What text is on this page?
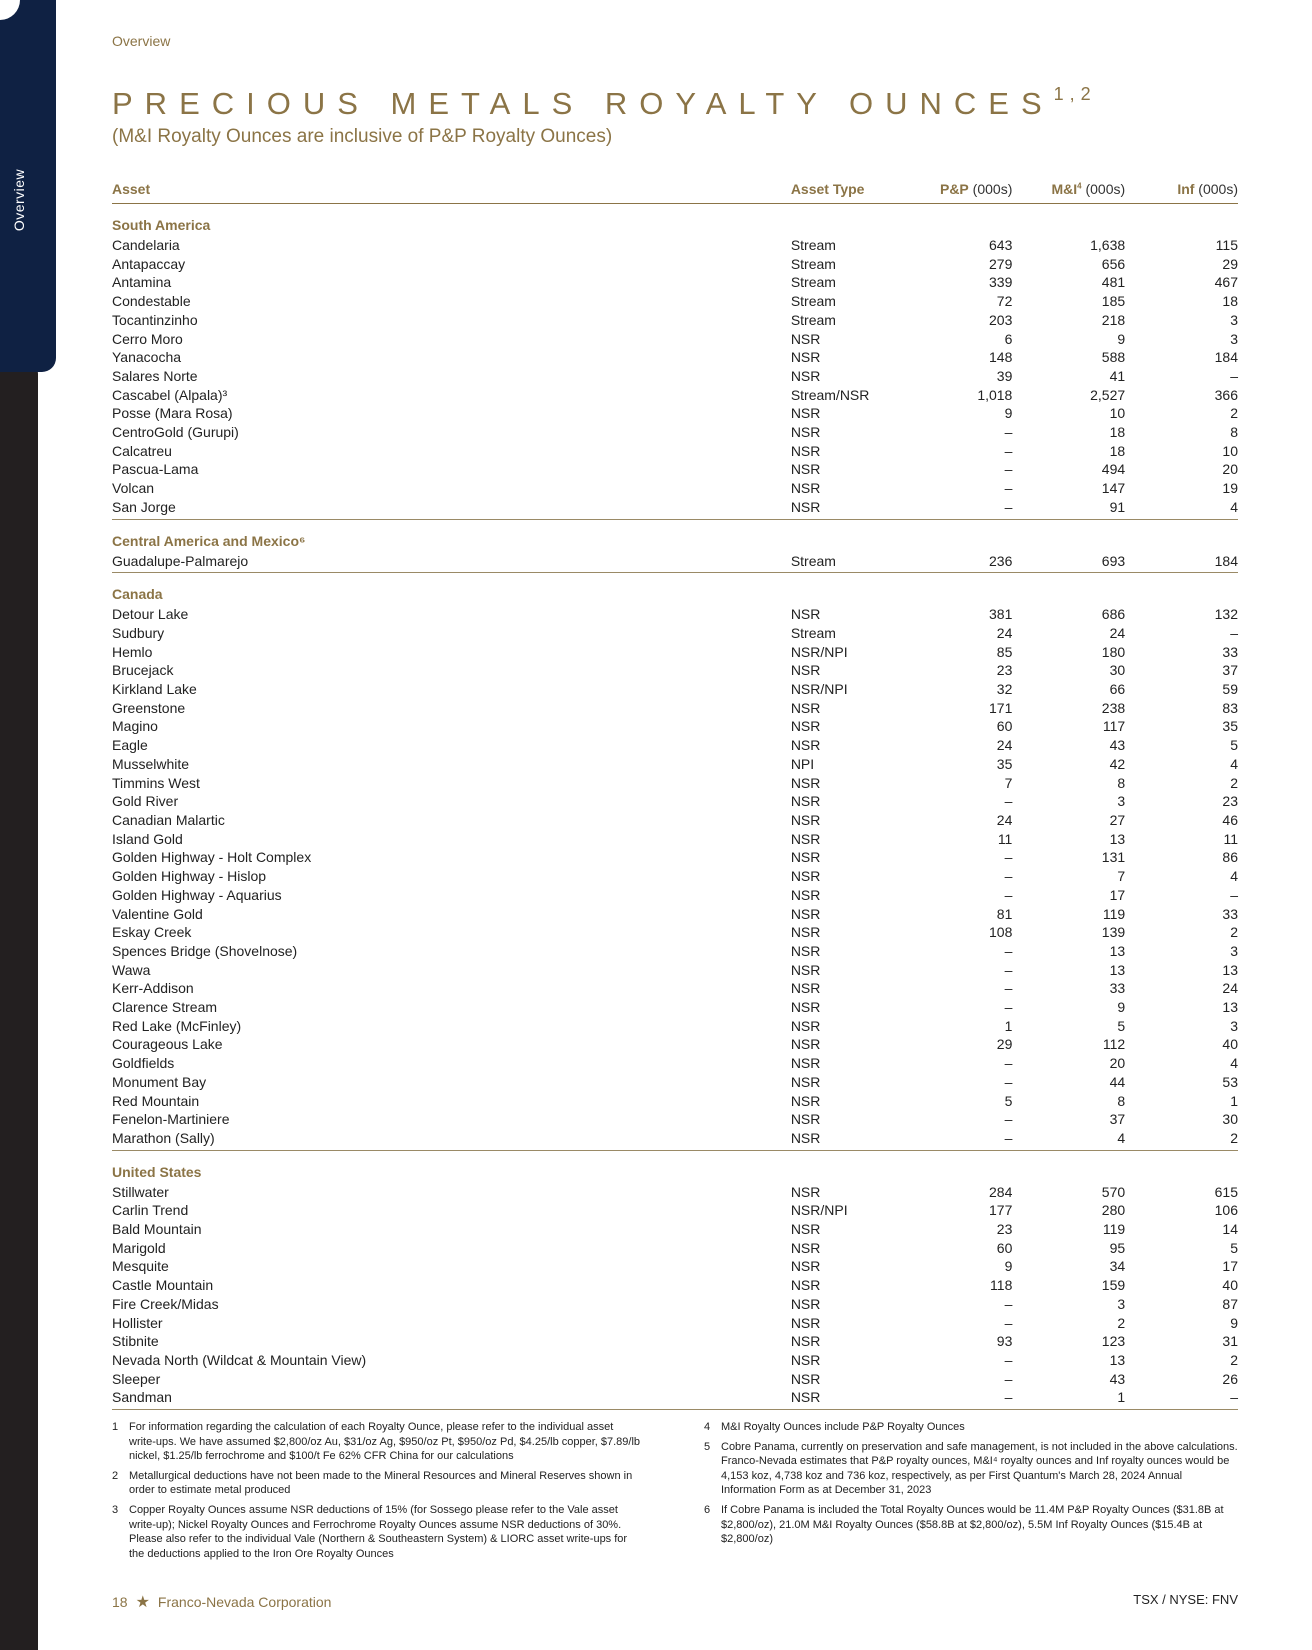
Overview
Overview
PRECIOUS METALS ROYALTY OUNCES$^{1,2}$
(M&I Royalty Ounces are inclusive of P&P Royalty Ounces)
Asset	Asset Type	P&P (000s)	$M\&I^4$ (000s)	Inf (000s)
South America				
Candelaria	Stream	643	1,638	115
Antapaccay	Stream	279	656	29
Antamina	Stream	339	481	467
Condestable	Stream	72	185	18
Tocantinzinho	Stream	203	218	3
Cerro Moro	NSR	6	9	3
Yanacocha	NSR	148	588	184
Salares Norte	NSR	39	41	–
Cascabel (Alpala)³	Stream/NSR	1,018	2,527	366
Posse (Mara Rosa)	NSR	9	10	2
CentroGold (Gurupi)	NSR	–	18	8
Calcatreu	NSR	–	18	10
Pascua-Lama	NSR	–	494	20
Volcan	NSR	–	147	19
San Jorge	NSR	–	91	4
Central America and Mexico⁶				
Guadalupe-Palmarejo	Stream	236	693	184
Canada				
Detour Lake	NSR	381	686	132
Sudbury	Stream	24	24	–
Hemlo	NSR/NPI	85	180	33
Brucejack	NSR	23	30	37
Kirkland Lake	NSR/NPI	32	66	59
Greenstone	NSR	171	238	83
Magino	NSR	60	117	35
Eagle	NSR	24	43	5
Musselwhite	NPI	35	42	4
Timmins West	NSR	7	8	2
Gold River	NSR	–	3	23
Canadian Malartic	NSR	24	27	46
Island Gold	NSR	11	13	11
Golden Highway - Holt Complex	NSR	–	131	86
Golden Highway - Hislop	NSR	–	7	4
Golden Highway - Aquarius	NSR	–	17	–
Valentine Gold	NSR	81	119	33
Eskay Creek	NSR	108	139	2
Spences Bridge (Shovelnose)	NSR	–	13	3
Wawa	NSR	–	13	13
Kerr-Addison	NSR	–	33	24
Clarence Stream	NSR	–	9	13
Red Lake (McFinley)	NSR	1	5	3
Courageous Lake	NSR	29	112	40
Goldfields	NSR	–	20	4
Monument Bay	NSR	–	44	53
Red Mountain	NSR	5	8	1
Fenelon-Martiniere	NSR	–	37	30
Marathon (Sally)	NSR	–	4	2
United States				
Stillwater	NSR	284	570	615
Carlin Trend	NSR/NPI	177	280	106
Bald Mountain	NSR	23	119	14
Marigold	NSR	60	95	5
Mesquite	NSR	9	34	17
Castle Mountain	NSR	118	159	40
Fire Creek/Midas	NSR	–	3	87
Hollister	NSR	–	2	9
Stibnite	NSR	93	123	31
Nevada North (Wildcat & Mountain View)	NSR	–	13	2
Sleeper	NSR	–	43	26
Sandman	NSR	–	1	–
1 For information regarding the calculation of each Royalty Ounce, please refer to the individual asset write-ups. We have assumed $2,800/oz Au, $31/oz Ag, $950/oz Pt, $950/oz Pd, $4.25/lb copper, $7.89/lb nickel, $1.25/lb ferrochrome and $100/t Fe 62% CFR China for our calculations
2 Metallurgical deductions have not been made to the Mineral Resources and Mineral Reserves shown in order to estimate metal produced
3 Copper Royalty Ounces assume NSR deductions of 15% (for Sossego please refer to the Vale asset write-up); Nickel Royalty Ounces and Ferrochrome Royalty Ounces assume NSR deductions of 30%. Please also refer to the individual Vale (Northern & Southeastern System) & LIORC asset write-ups for the deductions applied to the Iron Ore Royalty Ounces
4 M&I Royalty Ounces include P&P Royalty Ounces
5 Cobre Panama, currently on preservation and safe management, is not included in the above calculations. Franco-Nevada estimates that P&P royalty ounces, M&I⁴ royalty ounces and Inf royalty ounces would be 4,153 koz, 4,738 koz and 736 koz, respectively, as per First Quantum's March 28, 2024 Annual Information Form as at December 31, 2023
6 If Cobre Panama is included the Total Royalty Ounces would be 11.4M P&P Royalty Ounces ($31.8B at $2,800/oz), 21.0M M&I Royalty Ounces ($58.8B at $2,800/oz), 5.5M Inf Royalty Ounces ($15.4B at $2,800/oz)
18 ★ Franco-Nevada Corporation	TSX / NYSE: FNV
